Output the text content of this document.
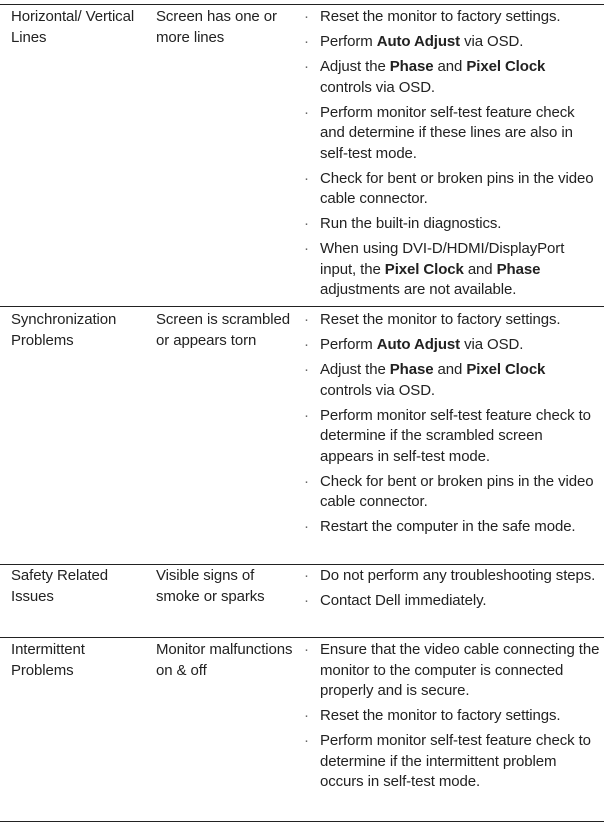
Horizontal/ Vertical Lines
Screen has one or more lines
· Reset the monitor to factory settings.
· Perform Auto Adjust via OSD.
· Adjust the Phase and Pixel Clock controls via OSD.
· Perform monitor self-test feature check and determine if these lines are also in self-test mode.
· Check for bent or broken pins in the video cable connector.
· Run the built-in diagnostics.
· When using DVI-D/HDMI/DisplayPort input, the Pixel Clock and Phase adjustments are not available.
Synchronization Problems
Screen is scrambled or appears torn
· Reset the monitor to factory settings.
· Perform Auto Adjust via OSD.
· Adjust the Phase and Pixel Clock controls via OSD.
· Perform monitor self-test feature check to determine if the scrambled screen appears in self-test mode.
· Check for bent or broken pins in the video cable connector.
· Restart the computer in the safe mode.
Safety Related Issues
Visible signs of smoke or sparks
· Do not perform any troubleshooting steps.
· Contact Dell immediately.
Intermittent Problems
Monitor malfunctions on & off
· Ensure that the video cable connecting the monitor to the computer is connected properly and is secure.
· Reset the monitor to factory settings.
· Perform monitor self-test feature check to determine if the intermittent problem occurs in self-test mode.
